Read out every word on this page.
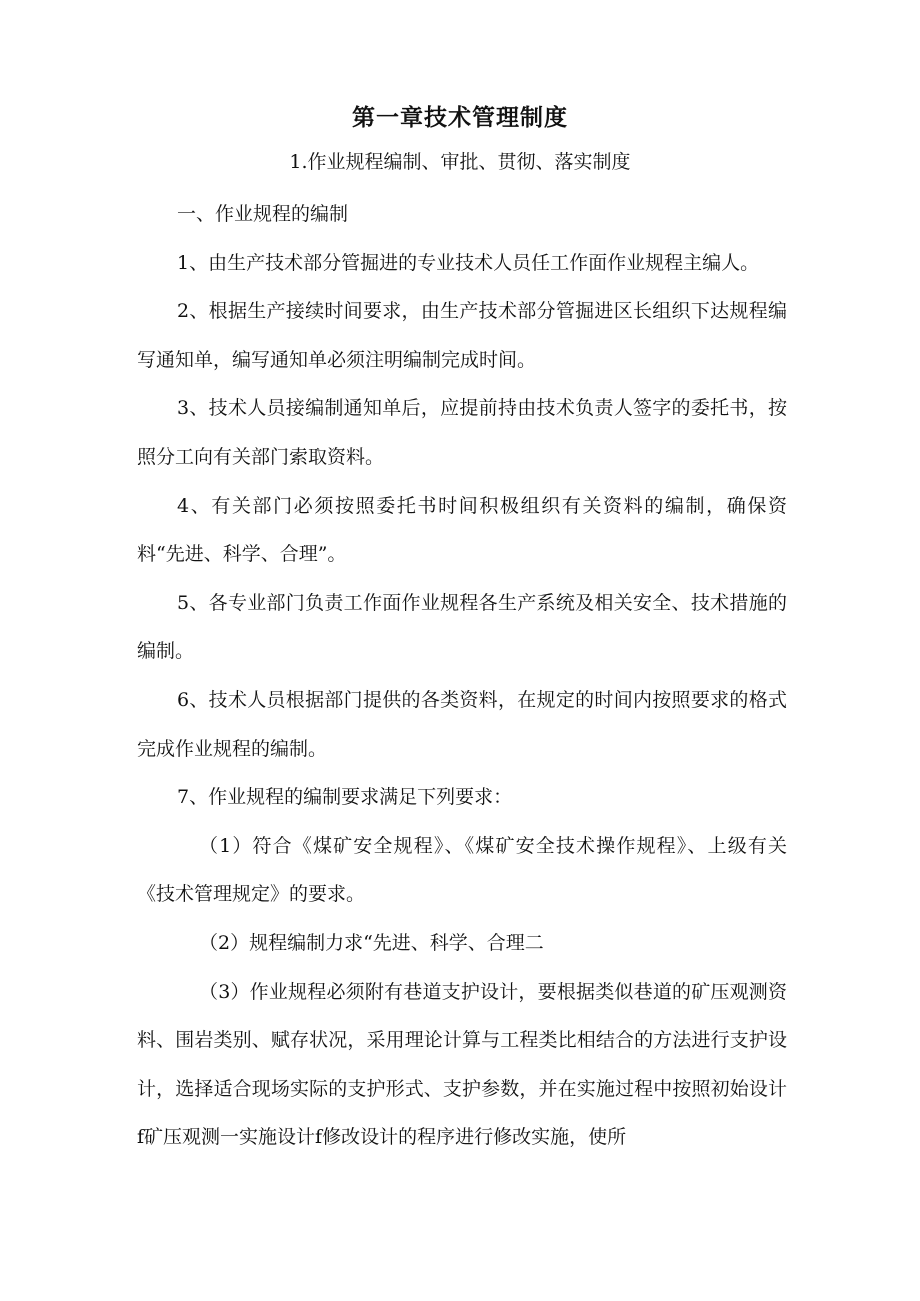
第一章技术管理制度
1.作业规程编制、审批、贯彻、落实制度

一、作业规程的编制

1、由生产技术部分管掘进的专业技术人员任工作面作业规程主编人。

2、根据生产接续时间要求，由生产技术部分管掘进区长组织下达规程编写通知单，编写通知单必须注明编制完成时间。

3、技术人员接编制通知单后，应提前持由技术负责人签字的委托书，按照分工向有关部门索取资料。

4、有关部门必须按照委托书时间积极组织有关资料的编制，确保资料“先进、科学、合理”。

5、各专业部门负责工作面作业规程各生产系统及相关安全、技术措施的编制。

6、技术人员根据部门提供的各类资料，在规定的时间内按照要求的格式完成作业规程的编制。

7、作业规程的编制要求满足下列要求：

（1）符合《煤矿安全规程》、《煤矿安全技术操作规程》、上级有关《技术管理规定》的要求。

（2）规程编制力求“先进、科学、合理二

（3）作业规程必须附有巷道支护设计，要根据类似巷道的矿压观测资料、围岩类别、赋存状况，采用理论计算与工程类比相结合的方法进行支护设计，选择适合现场实际的支护形式、支护参数，并在实施过程中按照初始设计f矿压观测一实施设计f修改设计的程序进行修改实施，使所
